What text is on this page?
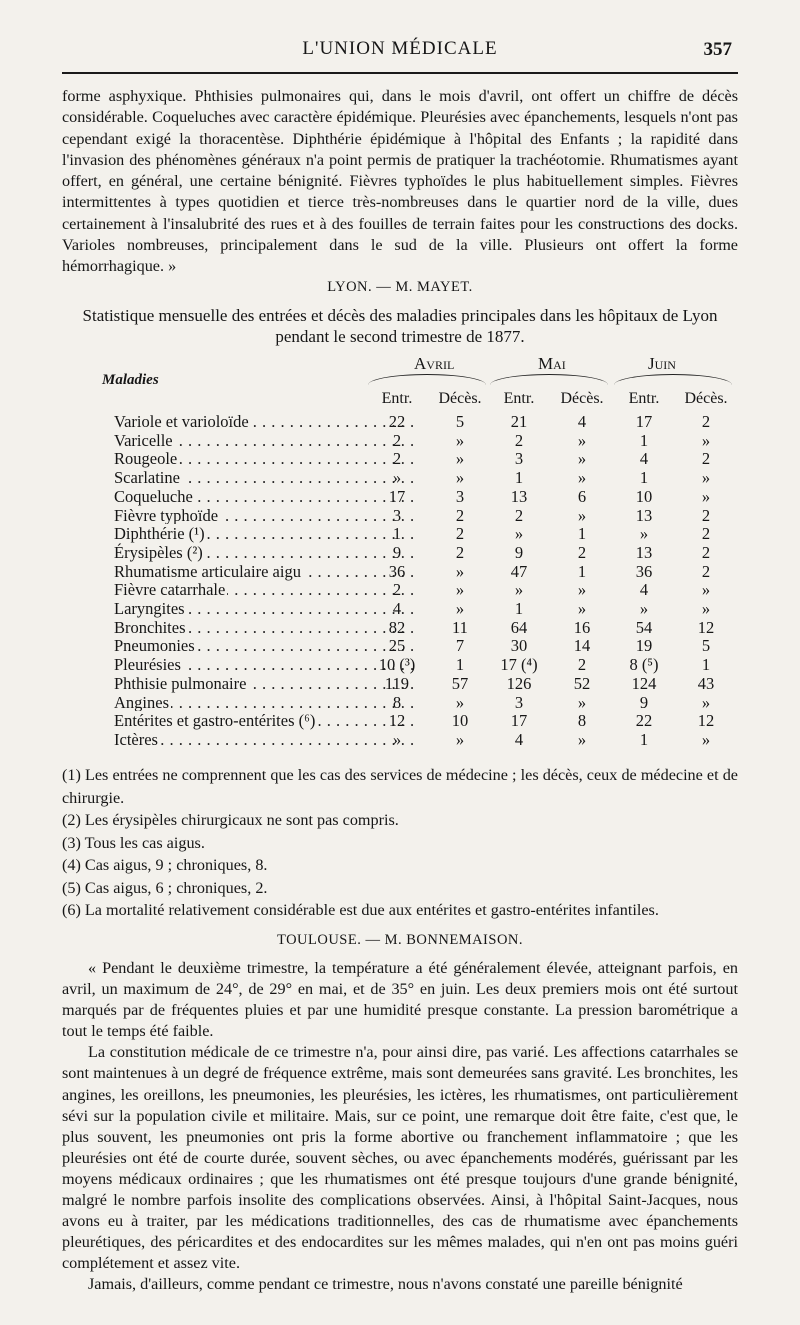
L'UNION MÉDICALE	357

forme asphyxique. Phthisies pulmonaires qui, dans le mois d'avril, ont offert un chiffre de décès considérable. Coqueluches avec caractère épidémique. Pleurésies avec épanchements, lesquels n'ont pas cependant exigé la thoracentèse. Diphthérie épidémique à l'hôpital des Enfants ; la rapidité dans l'invasion des phénomènes généraux n'a point permis de pratiquer la trachéotomie. Rhumatismes ayant offert, en général, une certaine bénignité. Fièvres typhoïdes le plus habituellement simples. Fièvres intermittentes à types quotidien et tierce très-nombreuses dans le quartier nord de la ville, dues certainement à l'insalubrité des rues et à des fouilles de terrain faites pour les constructions des docks. Varioles nombreuses, principalement dans le sud de la ville. Plusieurs ont offert la forme hémorrhagique. »

LYON. — M. MAYET.
Statistique mensuelle des entrées et décès des maladies principales dans les hôpitaux de Lyon
pendant le second trimestre de 1877.
Maladies
Avril	Mai	Juin
Entr.	Décès.	Entr.	Décès.	Entr.	Décès.
Variole et varioloïde . . .	22	5	21	4	17	2
Varicelle . . .	2	»	2	»	1	»
Rougeole . . .	2	»	3	»	4	2
Scarlatine . . .	»	»	1	»	1	»
Coqueluche . . .	17	3	13	6	10	»
Fièvre typhoïde . . .	3	2	2	»	13	2
Diphthérie (¹) . . .	1	2	»	1	»	2
Érysipèles (²) . . .	9	2	9	2	13	2
Rhumatisme articulaire aigu . . .	36	»	47	1	36	2
Fièvre catarrhale . . .	2	»	»	»	4	»
Laryngites . . .	4	»	1	»	»	»
Bronchites . . .	82	11	64	16	54	12
Pneumonies . . .	25	7	30	14	19	5
Pleurésies . . .	10 (³)	1	17 (⁴)	2	8 (⁵)	1
Phthisie pulmonaire . . .	119	57	126	52	124	43
Angines . . .	8	»	3	»	9	»
Entérites et gastro-entérites (⁶) . . .	12	10	17	8	22	12
Ictères . . .	»	»	4	»	1	»

(1) Les entrées ne comprennent que les cas des services de médecine ; les décès, ceux de médecine et de chirurgie.

(2) Les érysipèles chirurgicaux ne sont pas compris.

(3) Tous les cas aigus.

(4) Cas aigus, 9 ; chroniques, 8.

(5) Cas aigus, 6 ; chroniques, 2.

(6) La mortalité relativement considérable est due aux entérites et gastro-entérites infantiles.

TOULOUSE. — M. BONNEMAISON.

« Pendant le deuxième trimestre, la température a été généralement élevée, atteignant parfois, en avril, un maximum de 24°, de 29° en mai, et de 35° en juin. Les deux premiers mois ont été surtout marqués par de fréquentes pluies et par une humidité presque constante. La pression barométrique a tout le temps été faible.

La constitution médicale de ce trimestre n'a, pour ainsi dire, pas varié. Les affections catarrhales se sont maintenues à un degré de fréquence extrême, mais sont demeurées sans gravité. Les bronchites, les angines, les oreillons, les pneumonies, les pleurésies, les ictères, les rhumatismes, ont particulièrement sévi sur la population civile et militaire. Mais, sur ce point, une remarque doit être faite, c'est que, le plus souvent, les pneumonies ont pris la forme abortive ou franchement inflammatoire ; que les pleurésies ont été de courte durée, souvent sèches, ou avec épanchements modérés, guérissant par les moyens médicaux ordinaires ; que les rhumatismes ont été presque toujours d'une grande bénignité, malgré le nombre parfois insolite des complications observées. Ainsi, à l'hôpital Saint-Jacques, nous avons eu à traiter, par les médications traditionnelles, des cas de rhumatisme avec épanchements pleurétiques, des péricardites et des endocardites sur les mêmes malades, qui n'en ont pas moins guéri complétement et assez vite.

Jamais, d'ailleurs, comme pendant ce trimestre, nous n'avons constaté une pareille bénignité
